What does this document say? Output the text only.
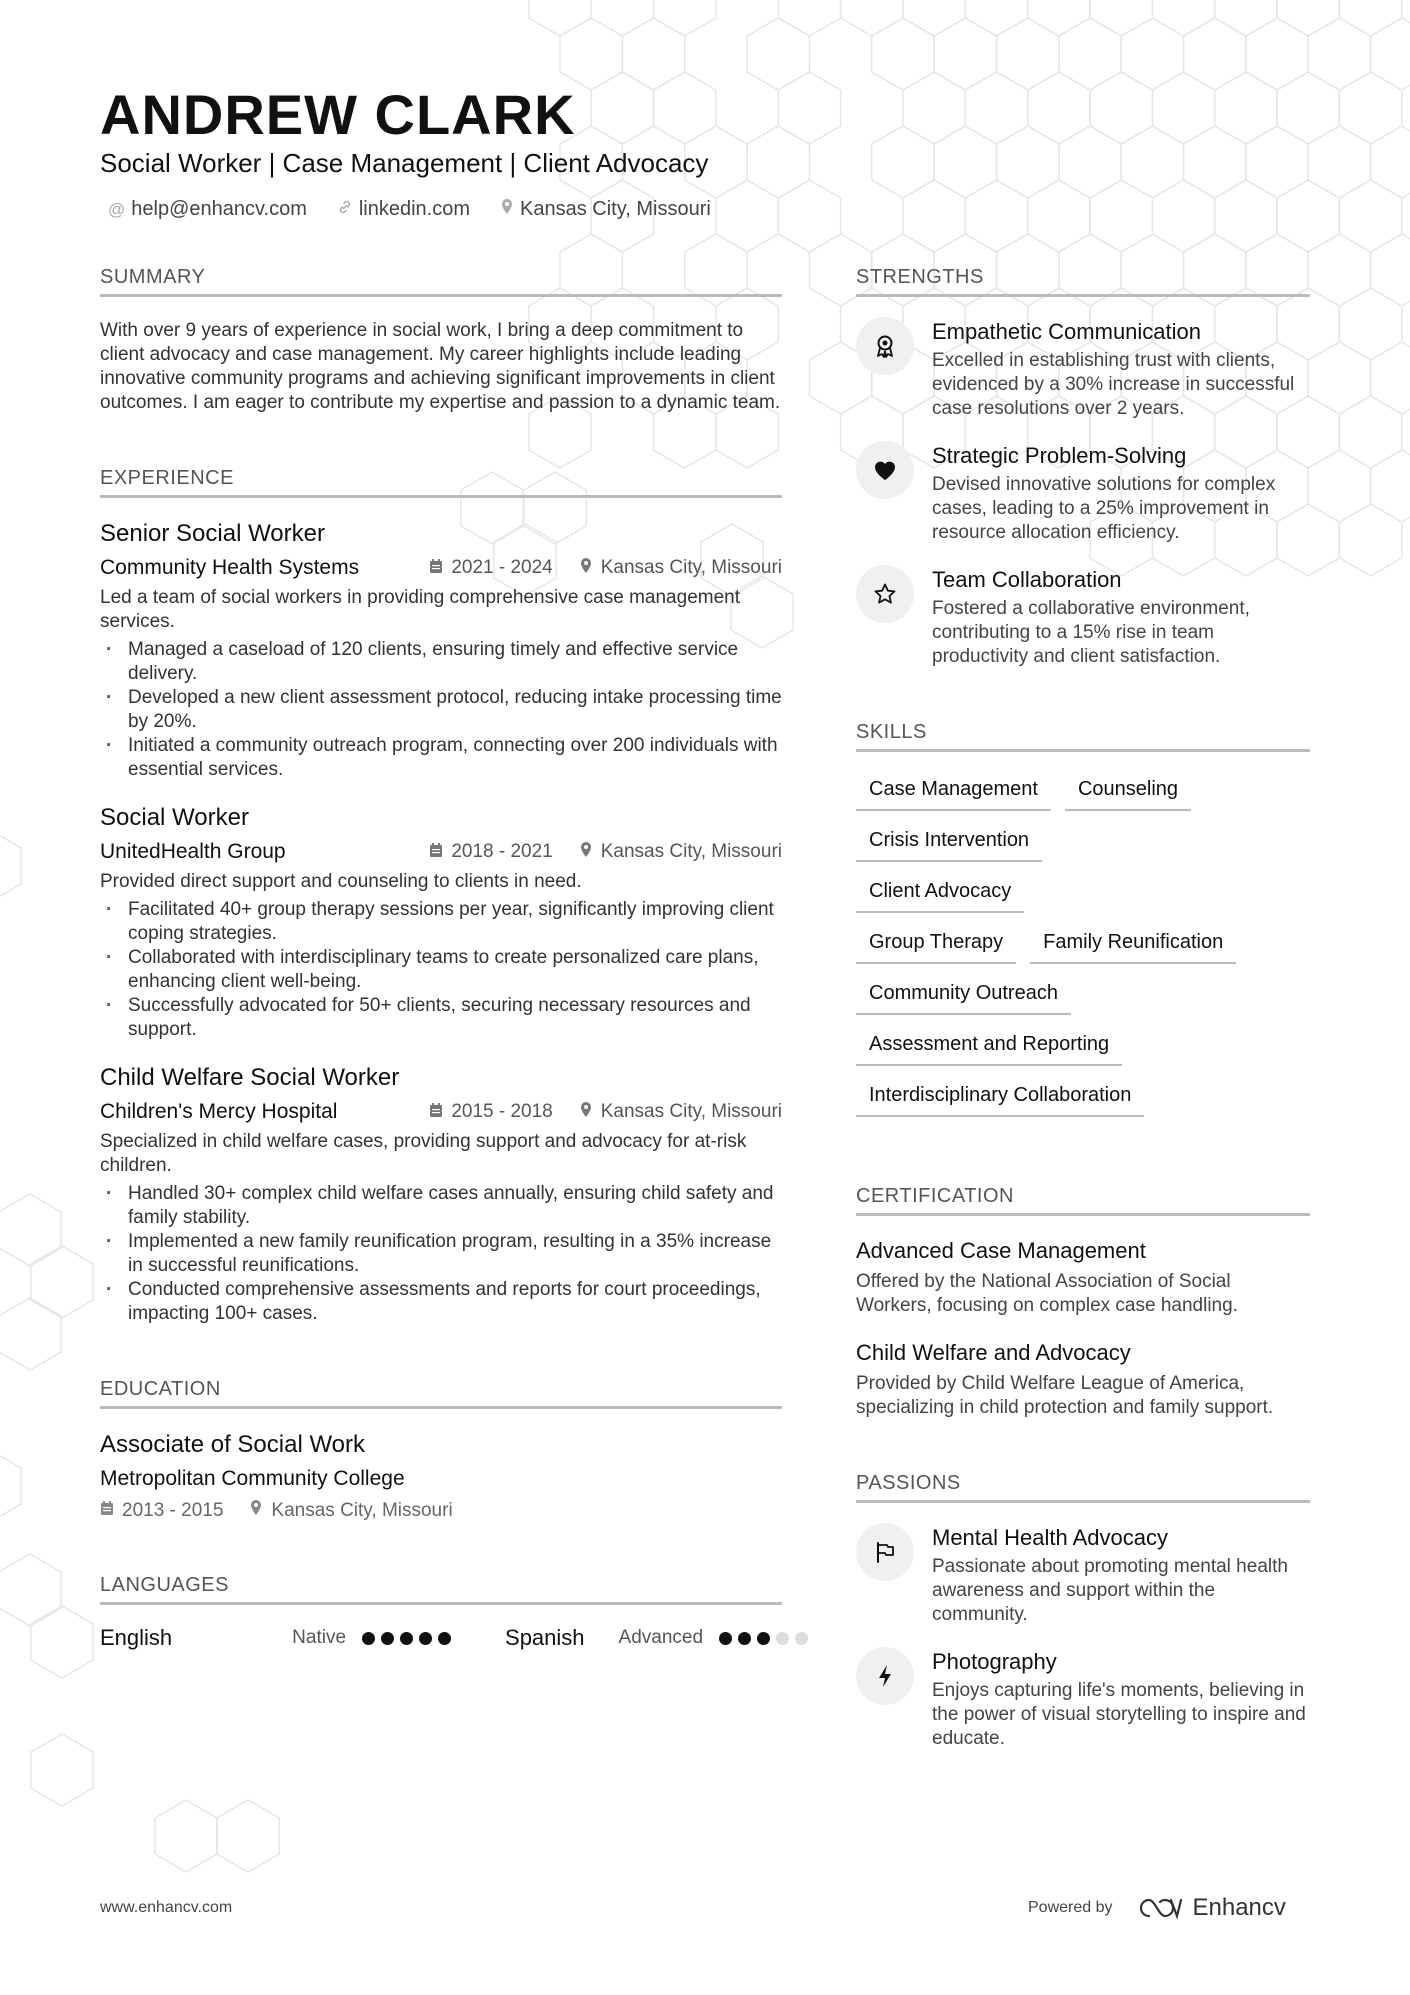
ANDREW CLARK
Social Worker | Case Management | Client Advocacy
@ help@enhancv.com	linkedin.com	Kansas City, Missouri
SUMMARY
With over 9 years of experience in social work, I bring a deep commitment to client advocacy and case management. My career highlights include leading innovative community programs and achieving significant improvements in client outcomes. I am eager to contribute my expertise and passion to a dynamic team.
EXPERIENCE
Senior Social Worker
Community Health Systems	2021 - 2024	Kansas City, Missouri
Led a team of social workers in providing comprehensive case management services.
· Managed a caseload of 120 clients, ensuring timely and effective service delivery.
· Developed a new client assessment protocol, reducing intake processing time by 20%.
· Initiated a community outreach program, connecting over 200 individuals with essential services.
Social Worker
UnitedHealth Group	2018 - 2021	Kansas City, Missouri
Provided direct support and counseling to clients in need.
· Facilitated 40+ group therapy sessions per year, significantly improving client coping strategies.
· Collaborated with interdisciplinary teams to create personalized care plans, enhancing client well-being.
· Successfully advocated for 50+ clients, securing necessary resources and support.
Child Welfare Social Worker
Children's Mercy Hospital	2015 - 2018	Kansas City, Missouri
Specialized in child welfare cases, providing support and advocacy for at-risk children.
· Handled 30+ complex child welfare cases annually, ensuring child safety and family stability.
· Implemented a new family reunification program, resulting in a 35% increase in successful reunifications.
· Conducted comprehensive assessments and reports for court proceedings, impacting 100+ cases.
EDUCATION
Associate of Social Work
Metropolitan Community College
2013 - 2015	Kansas City, Missouri
LANGUAGES
English	Native	Spanish Advanced
STRENGTHS
Empathetic Communication
Excelled in establishing trust with clients, evidenced by a 30% increase in successful case resolutions over 2 years.
Strategic Problem-Solving
Devised innovative solutions for complex cases, leading to a 25% improvement in resource allocation efficiency.
Team Collaboration
Fostered a collaborative environment, contributing to a 15% rise in team productivity and client satisfaction.
SKILLS
Case Management	Counseling
Crisis Intervention
Client Advocacy
Group Therapy	Family Reunification
Community Outreach
Assessment and Reporting
Interdisciplinary Collaboration
CERTIFICATION
Advanced Case Management
Offered by the National Association of Social Workers, focusing on complex case handling.
Child Welfare and Advocacy
Provided by Child Welfare League of America, specializing in child protection and family support.
PASSIONS
Mental Health Advocacy
Passionate about promoting mental health awareness and support within the community.
Photography
Enjoys capturing life's moments, believing in the power of visual storytelling to inspire and educate.
www.enhancv.com	Powered by	Enhancv
